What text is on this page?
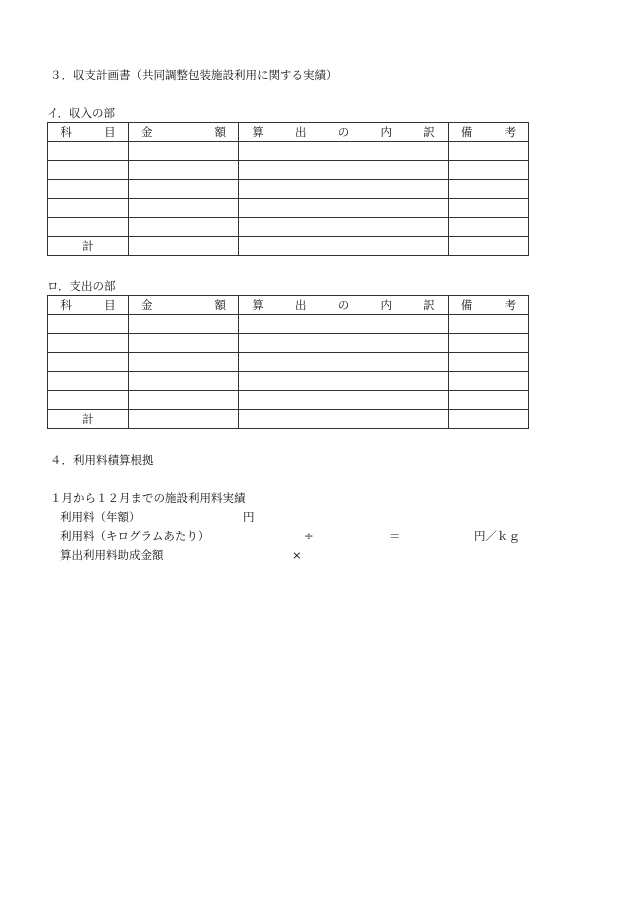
３．収支計画書（共同調整包装施設利用に関する実績）
イ．収入の部
科　目	金　額	算 出 の 内 訳	備　考

計			
ロ．支出の部
科　目	金　額	算 出 の 内 訳	備　考

計			
４．利用料積算根拠
１月から１２月までの施設利用料実績
利用料（年額）	円
利用料（キログラムあたり）	÷	＝	円／ｋｇ
算出利用料助成金額	×
